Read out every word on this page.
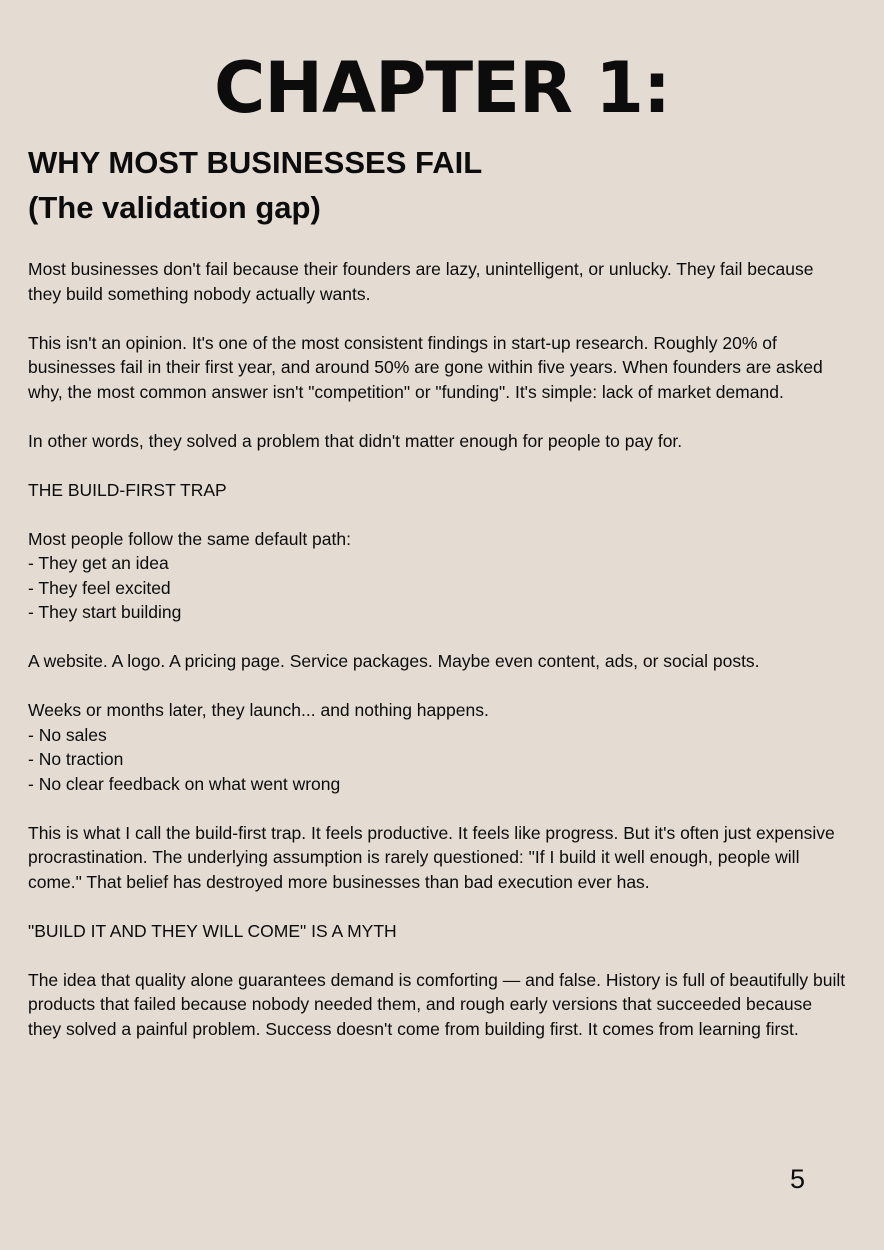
CHAPTER 1:
WHY MOST BUSINESSES FAIL
(The validation gap)

Most businesses don't fail because their founders are lazy, unintelligent, or unlucky. They fail because they build something nobody actually wants.

This isn't an opinion. It's one of the most consistent findings in start-up research. Roughly 20% of businesses fail in their first year, and around 50% are gone within five years. When founders are asked why, the most common answer isn't "competition" or "funding". It's simple: lack of market demand.

In other words, they solved a problem that didn't matter enough for people to pay for.

THE BUILD-FIRST TRAP

Most people follow the same default path:
- They get an idea
- They feel excited
- They start building

A website. A logo. A pricing page. Service packages. Maybe even content, ads, or social posts.

Weeks or months later, they launch... and nothing happens.
- No sales
- No traction
- No clear feedback on what went wrong

This is what I call the build-first trap. It feels productive. It feels like progress. But it's often just expensive procrastination. The underlying assumption is rarely questioned: "If I build it well enough, people will come." That belief has destroyed more businesses than bad execution ever has.

"BUILD IT AND THEY WILL COME" IS A MYTH

The idea that quality alone guarantees demand is comforting — and false. History is full of beautifully built products that failed because nobody needed them, and rough early versions that succeeded because they solved a painful problem. Success doesn't come from building first. It comes from learning first.

5
